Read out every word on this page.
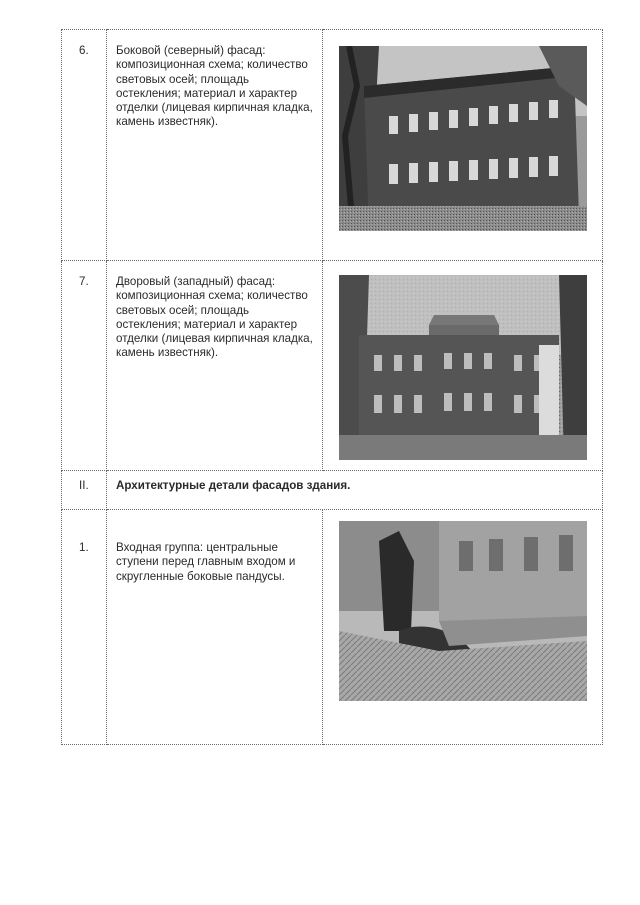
6.	Боковой (северный) фасад: композиционная схема; количество световых осей; площадь остекления; материал и характер отделки (лицевая кирпичная кладка, камень известняк).	

7.	Дворовый (западный) фасад: композиционная схема; количество световых осей; площадь остекления; материал и характер отделки (лицевая кирпичная кладка, камень известняк).	

II.	Архитектурные детали фасадов здания.	
1.	Входная группа: центральные ступени перед главным входом и скругленные боковые пандусы.	
